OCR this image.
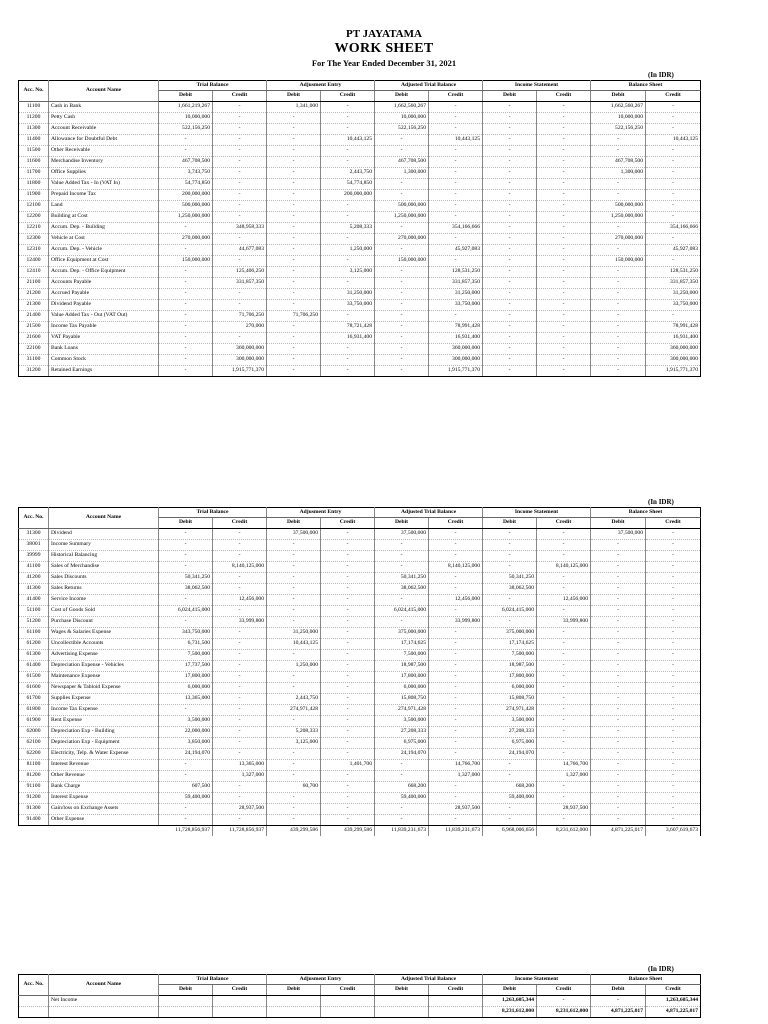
PT JAYATAMA
WORK SHEET
For The Year Ended December 31, 2021
(In IDR)
(In IDR)
(In IDR)
Acc. No.	Account Name	Trial Balance		Adjusment Entry		Adjusted Trial Balance		Income Statement		Balance Sheet	
		Debit	Credit	Debit	Credit	Debit	Credit	Debit	Credit	Debit	Credit
11100	Cash in Bank	1,661,219,267	-	1,341,000	-	1,662,560,267	-	-	-	1,662,560,267	-
11200	Petty Cash	10,000,000	-	-	-	10,000,000	-	-	-	10,000,000	-
11300	Account Receivable	522,156,250	-	-	-	522,156,250	-	-	-	522,156,250	-
11400	Allowance for Doubtful Debt	-	-	-	10,443,125	-	10,443,125	-	-	-	10,443,125
11500	Other Receivable	-	-	-	-	-	-	-	-	-	-
11600	Merchandise Inventory	467,708,500	-	-	-	467,708,500	-	-	-	467,708,500	-
11700	Office Supplies	3,743,750	-	-	2,443,750	1,300,000	-	-	-	1,300,000	-
11800	Value Added Tax - In (VAT In)	54,774,850	-	-	54,774,850	-	-	-	-	-	-
11900	Prepaid Income Tax	200,000,000	-	-	200,000,000	-	-	-	-	-	-
12100	Land	500,000,000	-	-	-	500,000,000	-	-	-	500,000,000	-
12200	Building at Cost	1,250,000,000	-	-	-	1,250,000,000	-	-	-	1,250,000,000	-
12210	Accum. Dep. - Building	-	348,958,333	-	5,208,333	-	354,166,666	-	-	-	354,166,666
12300	Vehicle at Cost	270,000,000	-	-	-	270,000,000	-	-	-	270,000,000	-
12310	Accum. Dep. - Vehicle	-	44,677,083	-	1,250,000	-	45,927,083	-	-	-	45,927,083
12400	Office Equipment at Cost	150,000,000	-	-	-	150,000,000	-	-	-	150,000,000	-
12410	Accum. Dep. - Office Equipment	-	125,406,250	-	3,125,000	-	128,531,250	-	-	-	128,531,250
21100	Accounts Payable	-	331,857,350	-	-	-	331,857,350	-	-	-	331,857,350
21200	Accrued Payable	-	-	-	31,250,000	-	31,250,000	-	-	-	31,250,000
21300	Dividend Payable	-	-	-	33,750,000	-	33,750,000	-	-	-	33,750,000
21400	Value Added Tax - Out (VAT Out)	-	71,706,250	71,706,250	-	-	-	-	-	-	-
21500	Income Tax Payable	-	270,000	-	78,721,428	-	78,991,428	-	-	-	78,991,428
21600	VAT Payable	-	-	-	16,931,400	-	16,931,400	-	-	-	16,931,400
22100	Bank Loans	-	360,000,000	-	-	-	360,000,000	-	-	-	360,000,000
31100	Common Stock	-	300,000,000	-	-	-	300,000,000	-	-	-	300,000,000
31200	Retained Earnings	-	1,915,771,370	-	-	-	1,915,771,370	-	-	-	1,915,771,370
Acc. No.	Account Name	Trial Balance		Adjusment Entry		Adjusted Trial Balance		Income Statement		Balance Sheet	
		Debit	Credit	Debit	Credit	Debit	Credit	Debit	Credit	Debit	Credit
31300	Dividend	-	-	37,500,000	-	37,500,000	-	-	-	37,500,000	-
38001	Income Summary	-	-	-	-	-	-	-	-	-	-
39999	Historical Balancing	-	-	-	-	-	-	-	-	-	-
41100	Sales of Merchandise	-	8,140,125,000	-	-	-	8,140,125,000	-	8,140,125,000	-	-
41200	Sales Discounts	50,341,250	-	-	-	50,341,250	-	50,341,250	-	-	-
41300	Sales Returns	38,062,500	-	-	-	38,062,500	-	38,062,500	-	-	-
41400	Service Income	-	12,456,000	-	-	-	12,456,000	-	12,456,000	-	-
51100	Cost of Goods Sold	6,024,415,000	-	-	-	6,024,415,000	-	6,024,415,000	-	-	-
51200	Purchase Discount	-	33,999,800	-	-	-	33,999,800	-	33,999,800	-	-
61100	Wages & Salaries Expense	343,750,000	-	31,250,000	-	375,000,000	-	375,000,000	-	-	-
61200	Uncollectible Accounts	6,731,500	-	10,443,125	-	17,174,625	-	17,174,625	-	-	-
61300	Advertising Expense	7,500,000	-	-	-	7,500,000	-	7,500,000	-	-	-
61400	Depreciation Expense - Vehicles	17,737,500	-	1,250,000	-	18,987,500	-	18,987,500	-	-	-
61500	Maintenance Expense	17,800,000	-	-	-	17,800,000	-	17,800,000	-	-	-
61600	Newspaper & Tabloid Expense	6,000,000	-	-	-	6,000,000	-	6,000,000	-	-	-
61700	Supplies Expense	13,365,000	-	2,443,750	-	15,808,750	-	15,808,750	-	-	-
61800	Income Tax Expense	-	-	274,971,428	-	274,971,428	-	274,971,428	-	-	-
61900	Rent Expense	3,500,000	-	-	-	3,500,000	-	3,500,000	-	-	-
62000	Depreciation Exp - Building	22,000,000	-	5,208,333	-	27,208,333	-	27,208,333	-	-	-
62100	Depreciation Exp - Equipment	3,850,000	-	3,125,000	-	6,975,000	-	6,975,000	-	-	-
62200	Electricity, Telp. & Water Expense	24,194,070	-	-	-	24,194,070	-	24,194,070	-	-	-
81100	Interest Revenue	-	13,365,000	-	1,401,700	-	14,766,700	-	14,766,700	-	-
81200	Other Revenue	-	1,327,000	-	-	-	1,327,000	-	1,327,000	-	-
91100	Bank Charge	607,500	-	60,700	-	668,200	-	668,200	-	-	-
91200	Interest Expense	59,400,000	-	-	-	59,400,000	-	59,400,000	-	-	-
91300	Gain/loss on Exchange Assets	-	28,937,500	-	-	-	28,937,500	-	28,937,500	-	-
91400	Other Expense	-	-	-	-	-	-	-	-	-	-
		11,728,856,937	11,728,856,937	439,299,586	439,299,586	11,839,231,673	11,839,231,673	6,968,006,656	8,231,612,000	4,871,225,017	3,607,619,673
Acc. No.	Account Name	Trial Balance		Adjusment Entry		Adjusted Trial Balance		Income Statement		Balance Sheet	
		Debit	Credit	Debit	Credit	Debit	Credit	Debit	Credit	Debit	Credit
	Net Income							1,263,605,344	-	-	1,263,605,344
								8,231,612,000	8,231,612,000	4,871,225,017	4,871,225,017
